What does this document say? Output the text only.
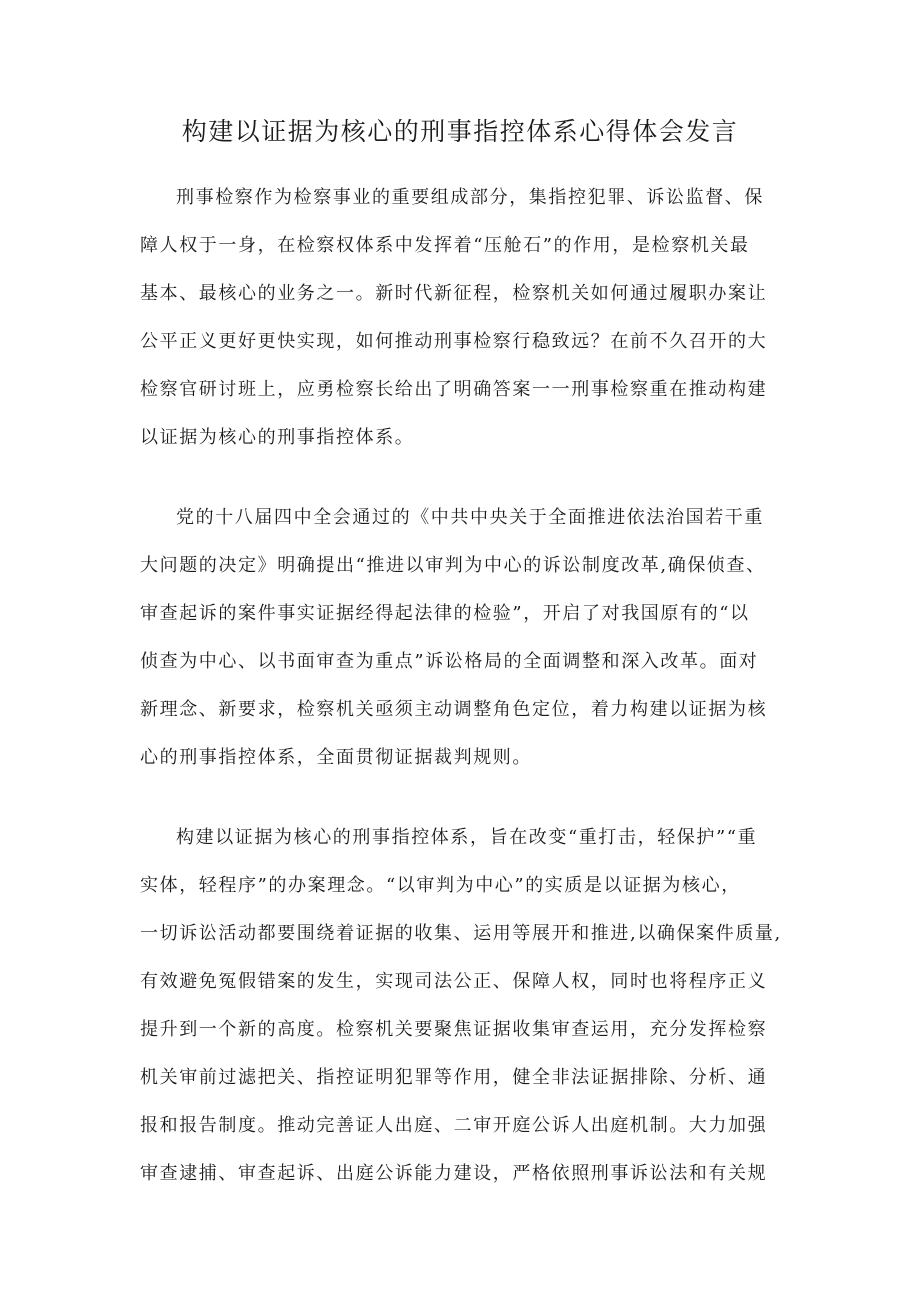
构建以证据为核心的刑事指控体系心得体会发言
刑事检察作为检察事业的重要组成部分，集指控犯罪、诉讼监督、保
障人权于一身，在检察权体系中发挥着“压舱石”的作用，是检察机关最
基本、最核心的业务之一。新时代新征程，检察机关如何通过履职办案让
公平正义更好更快实现，如何推动刑事检察行稳致远？在前不久召开的大
检察官研讨班上，应勇检察长给出了明确答案一一刑事检察重在推动构建
以证据为核心的刑事指控体系。
党的十八届四中全会通过的《中共中央关于全面推进依法治国若干重
大问题的决定》明确提出“推进以审判为中心的诉讼制度改革,确保侦查、
审查起诉的案件事实证据经得起法律的检验”，开启了对我国原有的“以
侦查为中心、以书面审查为重点”诉讼格局的全面调整和深入改革。面对
新理念、新要求，检察机关亟须主动调整角色定位，着力构建以证据为核
心的刑事指控体系，全面贯彻证据裁判规则。
构建以证据为核心的刑事指控体系，旨在改变“重打击，轻保护”“重
实体，轻程序”的办案理念。“以审判为中心”的实质是以证据为核心，
一切诉讼活动都要围绕着证据的收集、运用等展开和推进,以确保案件质量,
有效避免冤假错案的发生，实现司法公正、保障人权，同时也将程序正义
提升到一个新的高度。检察机关要聚焦证据收集审查运用，充分发挥检察
机关审前过滤把关、指控证明犯罪等作用，健全非法证据排除、分析、通
报和报告制度。推动完善证人出庭、二审开庭公诉人出庭机制。大力加强
审查逮捕、审查起诉、出庭公诉能力建设，严格依照刑事诉讼法和有关规
